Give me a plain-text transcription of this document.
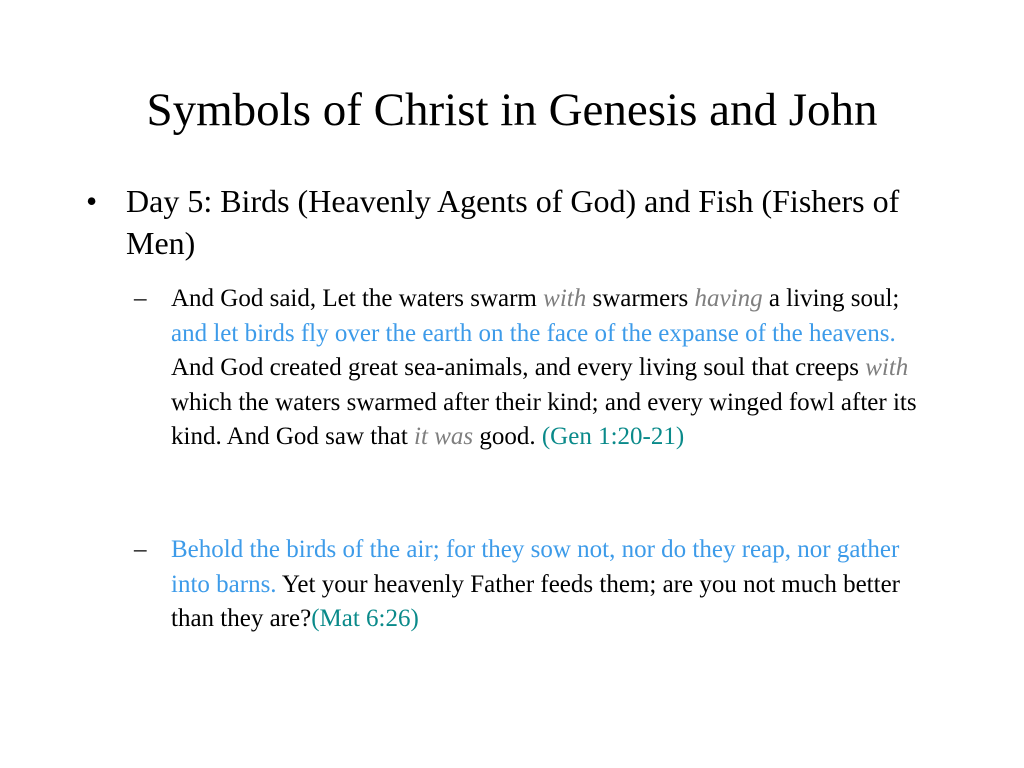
Symbols of Christ in Genesis and John
• Day 5: Birds (Heavenly Agents of God) and Fish (Fishers of Men)
– And God said, Let the waters swarm with swarmers having a living soul; and let birds fly over the earth on the face of the expanse of the heavens. And God created great sea-animals, and every living soul that creeps with which the waters swarmed after their kind; and every winged fowl after its kind. And God saw that it was good. (Gen 1:20-21)
– Behold the birds of the air; for they sow not, nor do they reap, nor gather into barns. Yet your heavenly Father feeds them; are you not much better than they are?(Mat 6:26)
